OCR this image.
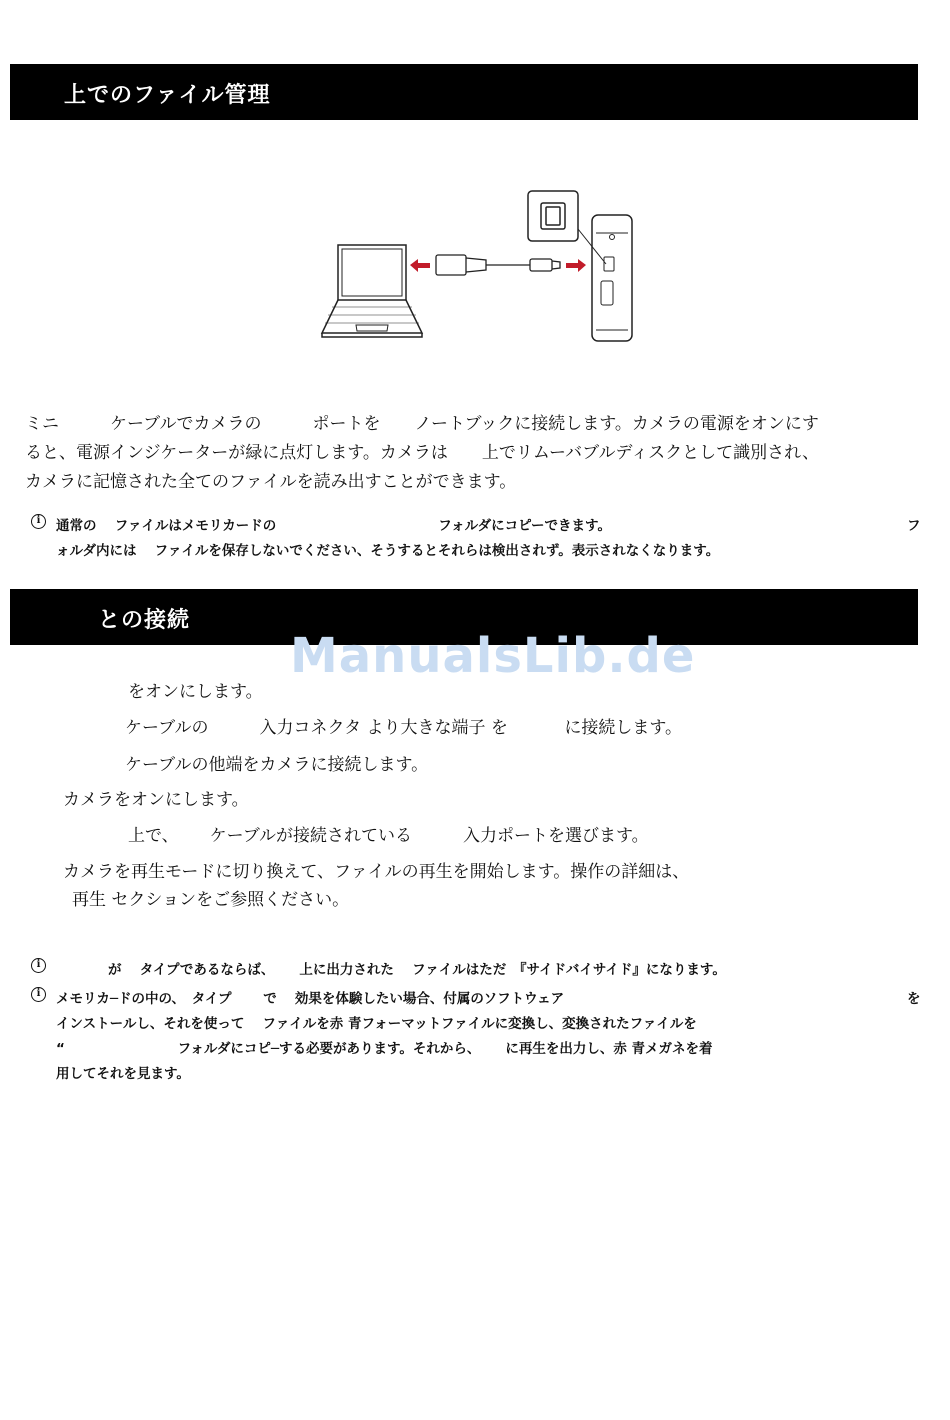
上でのファイル管理
ミニ　　　ケーブルでカメラの　　　ポートを　　ノートブックに接続します。カメラの電源をオンにす
ると、電源インジケーターが緑に点灯します。カメラは　　上でリムーバブルディスクとして識別され、
カメラに記憶された全てのファイルを読み出すことができます。
i	通常の　 ファイルはメモリカードの　　　　　　　　　　　　フォルダにコピーできます。	フ
ォルダ内には　 ファイルを保存しないでください、そうするとそれらは検出されず。表示されなくなります。
との接続
ManualsLib.de
をオンにします。
ケーブルの　　　入力コネクタ より大きな端子 を　　　 に接続します。
ケーブルの他端をカメラに接続します。
カメラをオンにします。
上で、　　 ケーブルが接続されている　　　入力ポートを選びます。
カメラを再生モードに切り換えて、ファイルの再生を開始します。操作の詳細は、
再生 セクションをご参照ください。
i	が　 タイプであるならば、　　 上に出力された　 ファイルはただ　『サイドバイサイド』になります。
i	メモリカ─ドの中の、　タイプ　　 で　 効果を体験したい場合、付属のソフトウェア	を
インストールし、それを使って　 ファイルを赤 青フォーマットファイルに変換し、変換されたファイルを
“　　　　　　　　 フォルダにコピ─する必要があります。それから、　　 に再生を出力し、赤 青メガネを着
用してそれを見ます。
